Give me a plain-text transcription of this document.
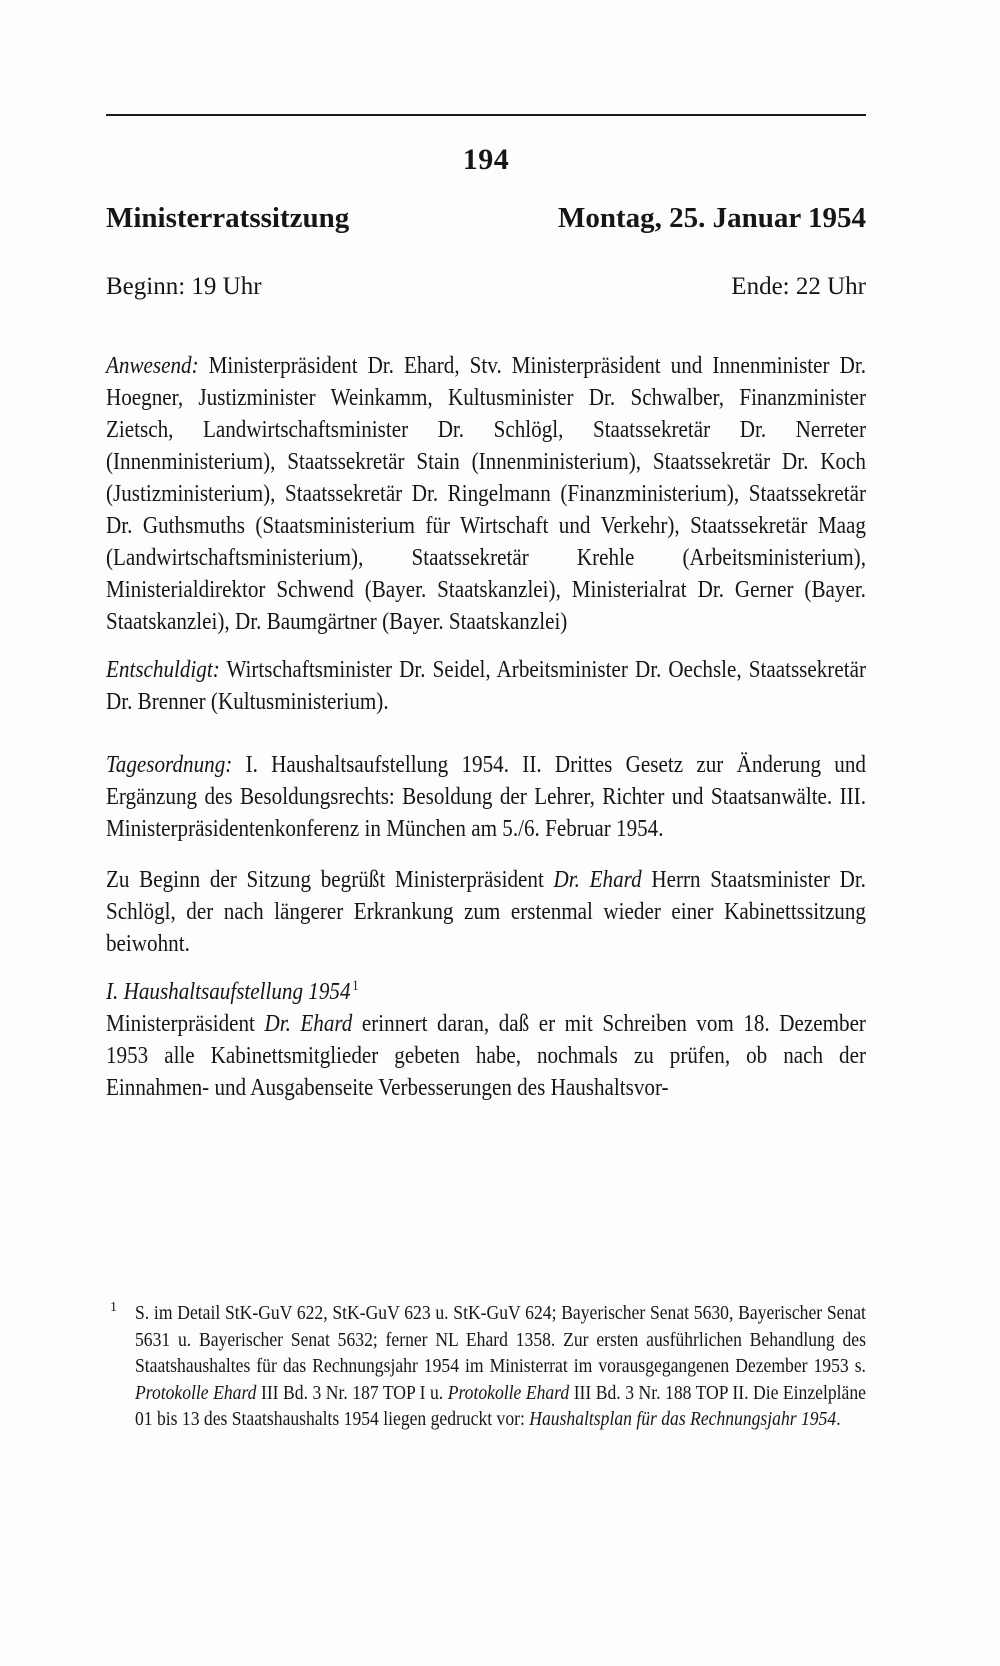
194
Ministerratssitzung	Montag, 25. Januar 1954
Beginn: 19 Uhr	Ende: 22 Uhr
Anwesend: Ministerpräsident Dr. Ehard, Stv. Ministerpräsident und Innenminister Dr. Hoegner, Justizminister Weinkamm, Kultusminister Dr. Schwalber, Finanzminister Zietsch, Landwirtschaftsminister Dr. Schlögl, Staatssekretär Dr. Nerreter (Innenministerium), Staatssekretär Stain (Innenministerium), Staatssekretär Dr. Koch (Justizministerium), Staatssekretär Dr. Ringelmann (Finanzministerium), Staatssekretär Dr. Guthsmuths (Staatsministerium für Wirtschaft und Verkehr), Staatssekretär Maag (Landwirtschaftsministerium), Staatssekretär Krehle (Arbeitsministerium), Ministerialdirektor Schwend (Bayer. Staatskanzlei), Ministerialrat Dr. Gerner (Bayer. Staatskanzlei), Dr. Baumgärtner (Bayer. Staatskanzlei)
Entschuldigt: Wirtschaftsminister Dr. Seidel, Arbeitsminister Dr. Oechsle, Staatssekretär Dr. Brenner (Kultusministerium).
Tagesordnung: I. Haushaltsaufstellung 1954. II. Drittes Gesetz zur Änderung und Ergänzung des Besoldungsrechts: Besoldung der Lehrer, Richter und Staatsanwälte. III. Ministerpräsidentenkonferenz in München am 5./6. Februar 1954.
Zu Beginn der Sitzung begrüßt Ministerpräsident Dr. Ehard Herrn Staatsminister Dr. Schlögl, der nach längerer Erkrankung zum erstenmal wieder einer Kabinettssitzung beiwohnt.
I. Haushaltsaufstellung 1954 $^1$
Ministerpräsident Dr. Ehard erinnert daran, daß er mit Schreiben vom 18. Dezember 1953 alle Kabinettsmitglieder gebeten habe, nochmals zu prüfen, ob nach der Einnahmen- und Ausgabenseite Verbesserungen des Haushaltsvor-
1 S. im Detail StK-GuV 622, StK-GuV 623 u. StK-GuV 624; Bayerischer Senat 5630, Bayerischer Senat 5631 u. Bayerischer Senat 5632; ferner NL Ehard 1358. Zur ersten ausführlichen Behandlung des Staatshaushaltes für das Rechnungsjahr 1954 im Ministerrat im vorausgegangenen Dezember 1953 s. Protokolle Ehard III Bd. 3 Nr. 187 TOP I u. Protokolle Ehard III Bd. 3 Nr. 188 TOP II. Die Einzelpläne 01 bis 13 des Staatshaushalts 1954 liegen gedruckt vor: Haushaltsplan für das Rechnungsjahr 1954.
